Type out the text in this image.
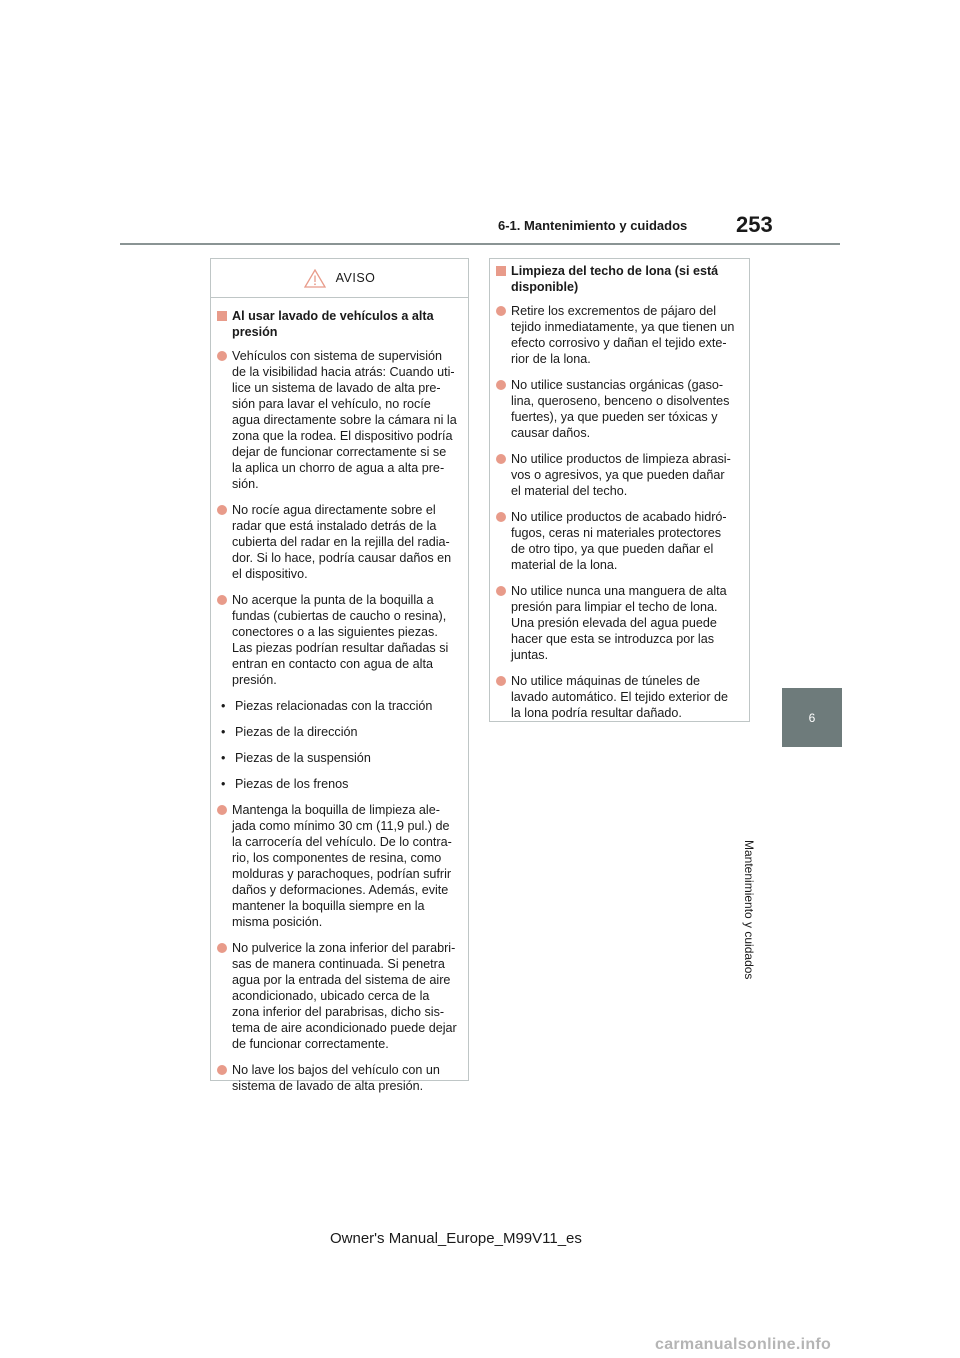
6-1. Mantenimiento y cuidados 253
6
Mantenimiento y cuidados
AVISO
Al usar lavado de vehículos a alta
presión
Vehículos con sistema de supervisión
de la visibilidad hacia atrás: Cuando uti-
lice un sistema de lavado de alta pre-
sión para lavar el vehículo, no rocíe
agua directamente sobre la cámara ni la
zona que la rodea. El dispositivo podría
dejar de funcionar correctamente si se
la aplica un chorro de agua a alta pre-
sión.
No rocíe agua directamente sobre el
radar que está instalado detrás de la
cubierta del radar en la rejilla del radia-
dor. Si lo hace, podría causar daños en
el dispositivo.
No acerque la punta de la boquilla a
fundas (cubiertas de caucho o resina),
conectores o a las siguientes piezas.
Las piezas podrían resultar dañadas si
entran en contacto con agua de alta
presión.
• Piezas relacionadas con la tracción
• Piezas de la dirección
• Piezas de la suspensión
• Piezas de los frenos
Mantenga la boquilla de limpieza ale-
jada como mínimo 30 cm (11,9 pul.) de
la carrocería del vehículo. De lo contra-
rio, los componentes de resina, como
molduras y parachoques, podrían sufrir
daños y deformaciones. Además, evite
mantener la boquilla siempre en la
misma posición.
No pulverice la zona inferior del parabri-
sas de manera continuada. Si penetra
agua por la entrada del sistema de aire
acondicionado, ubicado cerca de la
zona inferior del parabrisas, dicho sis-
tema de aire acondicionado puede dejar
de funcionar correctamente.
No lave los bajos del vehículo con un
sistema de lavado de alta presión.
Limpieza del techo de lona (si está
disponible)
Retire los excrementos de pájaro del
tejido inmediatamente, ya que tienen un
efecto corrosivo y dañan el tejido exte-
rior de la lona.
No utilice sustancias orgánicas (gaso-
lina, queroseno, benceno o disolventes
fuertes), ya que pueden ser tóxicas y
causar daños.
No utilice productos de limpieza abrasi-
vos o agresivos, ya que pueden dañar
el material del techo.
No utilice productos de acabado hidró-
fugos, ceras ni materiales protectores
de otro tipo, ya que pueden dañar el
material de la lona.
No utilice nunca una manguera de alta
presión para limpiar el techo de lona.
Una presión elevada del agua puede
hacer que esta se introduzca por las
juntas.
No utilice máquinas de túneles de
lavado automático. El tejido exterior de
la lona podría resultar dañado.
Owner's Manual_Europe_M99V11_es
carmanualsonline.info
